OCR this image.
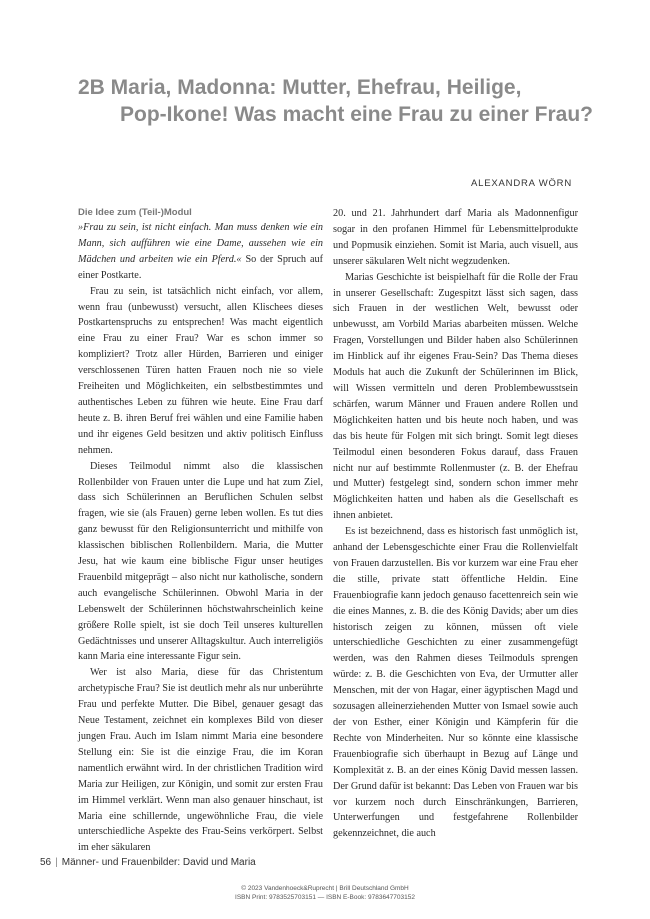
2B Maria, Madonna: Mutter, Ehefrau, Heilige,
Pop-Ikone! Was macht eine Frau zu einer Frau?
ALEXANDRA WÖRN
Die Idee zum (Teil-)Modul

»Frau zu sein, ist nicht einfach. Man muss denken wie ein Mann, sich aufführen wie eine Dame, aussehen wie ein Mädchen und arbeiten wie ein Pferd.« So der Spruch auf einer Postkarte.

Frau zu sein, ist tatsächlich nicht einfach, vor allem, wenn frau (unbewusst) versucht, allen Klischees dieses Postkartenspruchs zu entsprechen! Was macht eigentlich eine Frau zu einer Frau? War es schon immer so kompliziert? Trotz aller Hürden, Barrieren und einiger verschlossenen Türen hatten Frauen noch nie so viele Freiheiten und Möglichkeiten, ein selbstbestimmtes und authentisches Leben zu führen wie heute. Eine Frau darf heute z. B. ihren Beruf frei wählen und eine Familie haben und ihr eigenes Geld besitzen und aktiv politisch Einfluss nehmen.

Dieses Teilmodul nimmt also die klassischen Rollenbilder von Frauen unter die Lupe und hat zum Ziel, dass sich Schülerinnen an Beruflichen Schulen selbst fragen, wie sie (als Frauen) gerne leben wollen. Es tut dies ganz bewusst für den Religionsunterricht und mithilfe von klassischen biblischen Rollenbildern. Maria, die Mutter Jesu, hat wie kaum eine biblische Figur unser heutiges Frauenbild mitgeprägt – also nicht nur katholische, sondern auch evangelische Schülerinnen. Obwohl Maria in der Lebenswelt der Schülerinnen höchstwahrscheinlich keine größere Rolle spielt, ist sie doch Teil unseres kulturellen Gedächtnisses und unserer Alltagskultur. Auch interreligiös kann Maria eine interessante Figur sein.

Wer ist also Maria, diese für das Christentum archetypische Frau? Sie ist deutlich mehr als nur unberührte Frau und perfekte Mutter. Die Bibel, genauer gesagt das Neue Testament, zeichnet ein komplexes Bild von dieser jungen Frau. Auch im Islam nimmt Maria eine besondere Stellung ein: Sie ist die einzige Frau, die im Koran namentlich erwähnt wird. In der christlichen Tradition wird Maria zur Heiligen, zur Königin, und somit zur ersten Frau im Himmel verklärt. Wenn man also genauer hinschaut, ist Maria eine schillernde, ungewöhnliche Frau, die viele unterschiedliche Aspekte des Frau-Seins verkörpert. Selbst im eher säkularen

20. und 21. Jahrhundert darf Maria als Madonnenfigur sogar in den profanen Himmel für Lebensmittelprodukte und Popmusik einziehen. Somit ist Maria, auch visuell, aus unserer säkularen Welt nicht wegzudenken.

Marias Geschichte ist beispielhaft für die Rolle der Frau in unserer Gesellschaft: Zugespitzt lässt sich sagen, dass sich Frauen in der westlichen Welt, bewusst oder unbewusst, am Vorbild Marias abarbeiten müssen. Welche Fragen, Vorstellungen und Bilder haben also Schülerinnen im Hinblick auf ihr eigenes Frau-Sein? Das Thema dieses Moduls hat auch die Zukunft der Schülerinnen im Blick, will Wissen vermitteln und deren Problembewusstsein schärfen, warum Männer und Frauen andere Rollen und Möglichkeiten hatten und bis heute noch haben, und was das bis heute für Folgen mit sich bringt. Somit legt dieses Teilmodul einen besonderen Fokus darauf, dass Frauen nicht nur auf bestimmte Rollenmuster (z. B. der Ehefrau und Mutter) festgelegt sind, sondern schon immer mehr Möglichkeiten hatten und haben als die Gesellschaft es ihnen anbietet.

Es ist bezeichnend, dass es historisch fast unmöglich ist, anhand der Lebensgeschichte einer Frau die Rollenvielfalt von Frauen darzustellen. Bis vor kurzem war eine Frau eher die stille, private statt öffentliche Heldin. Eine Frauenbiografie kann jedoch genauso facettenreich sein wie die eines Mannes, z. B. die des König Davids; aber um dies historisch zeigen zu können, müssen oft viele unterschiedliche Geschichten zu einer zusammengefügt werden, was den Rahmen dieses Teilmoduls sprengen würde: z. B. die Geschichten von Eva, der Urmutter aller Menschen, mit der von Hagar, einer ägyptischen Magd und sozusagen alleinerziehenden Mutter von Ismael sowie auch der von Esther, einer Königin und Kämpferin für die Rechte von Minderheiten. Nur so könnte eine klassische Frauenbiografie sich überhaupt in Bezug auf Länge und Komplexität z. B. an der eines König David messen lassen. Der Grund dafür ist bekannt: Das Leben von Frauen war bis vor kurzem noch durch Einschränkungen, Barrieren, Unterwerfungen und festgefahrene Rollenbilder gekennzeichnet, die auch

56 | Männer- und Frauenbilder: David und Maria
© 2023 Vandenhoeck&Ruprecht | Brill Deutschland GmbH
ISBN Print: 9783525703151 — ISBN E-Book: 9783647703152
